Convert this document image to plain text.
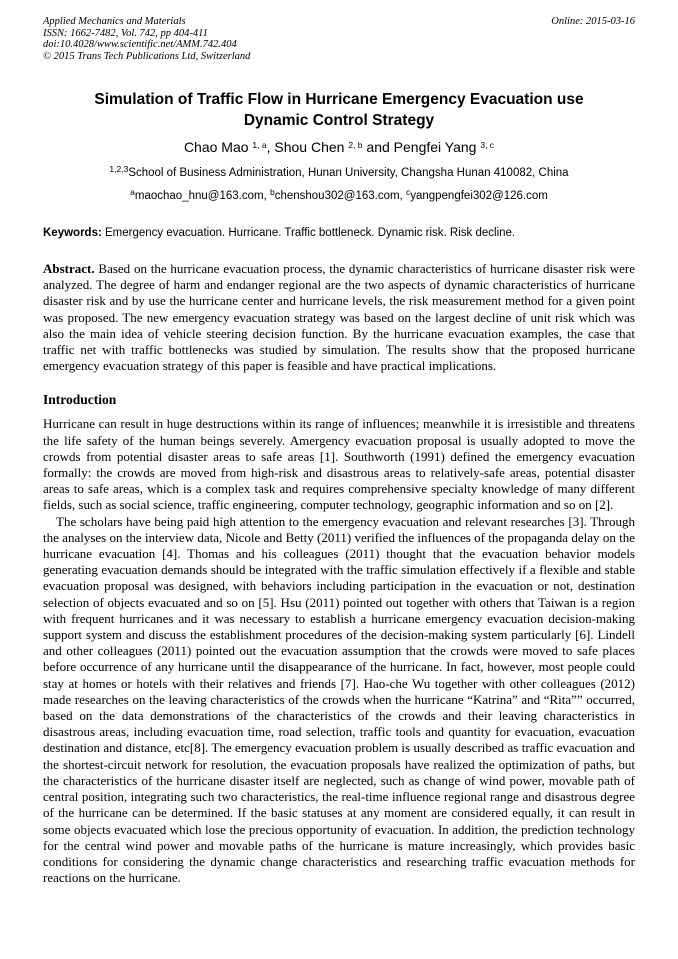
Applied Mechanics and Materials
ISSN: 1662-7482, Vol. 742, pp 404-411
doi:10.4028/www.scientific.net/AMM.742.404
© 2015 Trans Tech Publications Ltd, Switzerland
Online: 2015-03-16
Simulation of Traffic Flow in Hurricane Emergency Evacuation use
Dynamic Control Strategy
Chao Mao $^{1, a}$, Shou Chen $^{2, b}$ and Pengfei Yang $^{3, c}$
$^{1,2,3}$School of Business Administration, Hunan University, Changsha Hunan 410082, China
$^a$maochao_hnu@163.com, $^b$chenshou302@163.com, $^c$yangpengfei302@126.com
Keywords: Emergency evacuation. Hurricane. Traffic bottleneck. Dynamic risk. Risk decline.

Abstract. Based on the hurricane evacuation process, the dynamic characteristics of hurricane disaster risk were analyzed. The degree of harm and endanger regional are the two aspects of dynamic characteristics of hurricane disaster risk and by use the hurricane center and hurricane levels, the risk measurement method for a given point was proposed. The new emergency evacuation strategy was based on the largest decline of unit risk which was also the main idea of vehicle steering decision function. By the hurricane evacuation examples, the case that traffic net with traffic bottlenecks was studied by simulation. The results show that the proposed hurricane emergency evacuation strategy of this paper is feasible and have practical implications.

Introduction

Hurricane can result in huge destructions within its range of influences; meanwhile it is irresistible and threatens the life safety of the human beings severely. Amergency evacuation proposal is usually adopted to move the crowds from potential disaster areas to safe areas [1]. Southworth (1991) defined the emergency evacuation formally: the crowds are moved from high-risk and disastrous areas to relatively-safe areas, potential disaster areas to safe areas, which is a complex task and requires comprehensive specialty knowledge of many different fields, such as social science, traffic engineering, computer technology, geographic information and so on [2].

The scholars have being paid high attention to the emergency evacuation and relevant researches [3]. Through the analyses on the interview data, Nicole and Betty (2011) verified the influences of the propaganda delay on the hurricane evacuation [4]. Thomas and his colleagues (2011) thought that the evacuation behavior models generating evacuation demands should be integrated with the traffic simulation effectively if a flexible and stable evacuation proposal was designed, with behaviors including participation in the evacuation or not, destination selection of objects evacuated and so on [5]. Hsu (2011) pointed out together with others that Taiwan is a region with frequent hurricanes and it was necessary to establish a hurricane emergency evacuation decision-making support system and discuss the establishment procedures of the decision-making system particularly [6]. Lindell and other colleagues (2011) pointed out the evacuation assumption that the crowds were moved to safe places before occurrence of any hurricane until the disappearance of the hurricane. In fact, however, most people could stay at homes or hotels with their relatives and friends [7]. Hao-che Wu together with other colleagues (2012) made researches on the leaving characteristics of the crowds when the hurricane “Katrina” and “Rita”” occurred, based on the data demonstrations of the characteristics of the crowds and their leaving characteristics in disastrous areas, including evacuation time, road selection, traffic tools and quantity for evacuation, evacuation destination and distance, etc[8]. The emergency evacuation problem is usually described as traffic evacuation and the shortest-circuit network for resolution, the evacuation proposals have realized the optimization of paths, but the characteristics of the hurricane disaster itself are neglected, such as change of wind power, movable path of central position, integrating such two characteristics, the real-time influence regional range and disastrous degree of the hurricane can be determined. If the basic statuses at any moment are considered equally, it can result in some objects evacuated which lose the precious opportunity of evacuation. In addition, the prediction technology for the central wind power and movable paths of the hurricane is mature increasingly, which provides basic conditions for considering the dynamic change characteristics and researching traffic evacuation methods for reactions on the hurricane.
